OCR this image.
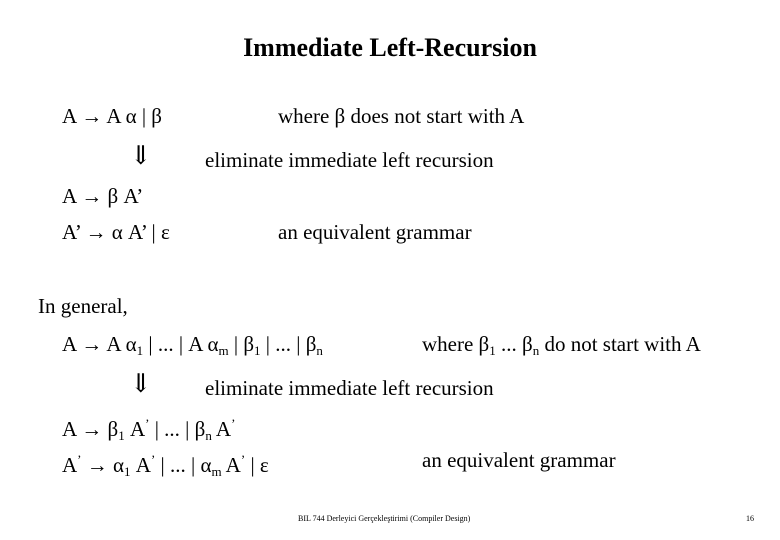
Immediate Left-Recursion
A → A α | β	where β does not start with A
⇓	eliminate immediate left recursion
A → β A’
A’ → α A’ | ε	an equivalent grammar
In general,
A → A $\alpha_1$ | ... | A $\alpha_m$ | $\beta_1$ | ... | $\beta_n$	where $\beta_1$ ... $\beta_n$ do not start with A
⇓	eliminate immediate left recursion
$A \to \beta_1$ A’ | ... | $\beta_n$ A’
$A^’ \to \alpha_1$ A’ | ... | $\alpha_m$ A’ | ε	an equivalent grammar
BIL 744 Derleyici Gerçekleştirimi (Compiler Design)	16
